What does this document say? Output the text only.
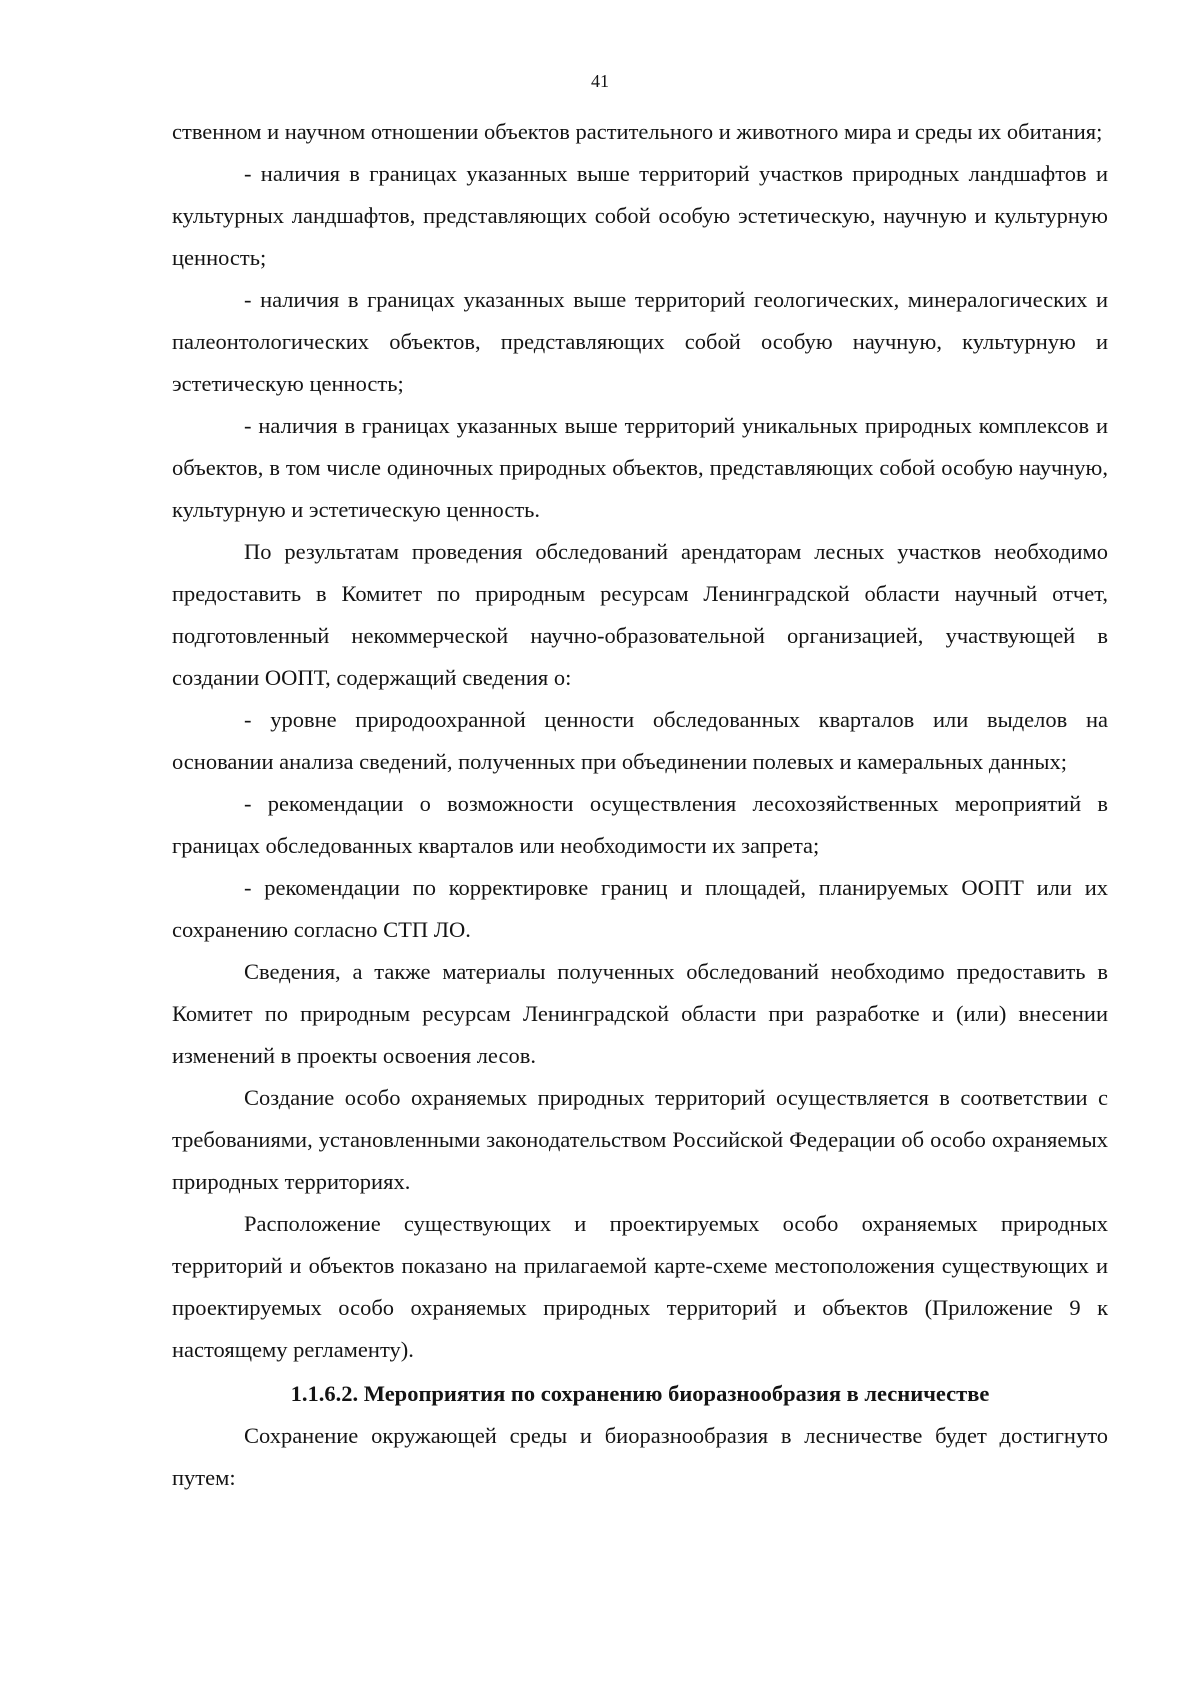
41

ственном и научном отношении объектов растительного и животного мира и среды их обитания;

- наличия в границах указанных выше территорий участков природных ландшафтов и культурных ландшафтов, представляющих собой особую эстетическую, научную и культурную ценность;

- наличия в границах указанных выше территорий геологических, минералогических и палеонтологических объектов, представляющих собой особую научную, культурную и эстетическую ценность;

- наличия в границах указанных выше территорий уникальных природных комплексов и объектов, в том числе одиночных природных объектов, представляющих собой особую научную, культурную и эстетическую ценность.

По результатам проведения обследований арендаторам лесных участков необходимо предоставить в Комитет по природным ресурсам Ленинградской области научный отчет, подготовленный некоммерческой научно-образовательной организацией, участвующей в создании ООПТ, содержащий сведения о:

- уровне природоохранной ценности обследованных кварталов или выделов на основании анализа сведений, полученных при объединении полевых и камеральных данных;

- рекомендации о возможности осуществления лесохозяйственных мероприятий в границах обследованных кварталов или необходимости их запрета;

- рекомендации по корректировке границ и площадей, планируемых ООПТ или их сохранению согласно СТП ЛО.

Сведения, а также материалы полученных обследований необходимо предоставить в Комитет по природным ресурсам Ленинградской области при разработке и (или) внесении изменений в проекты освоения лесов.

Создание особо охраняемых природных территорий осуществляется в соответствии с требованиями, установленными законодательством Российской Федерации об особо охраняемых природных территориях.

Расположение существующих и проектируемых особо охраняемых природных территорий и объектов показано на прилагаемой карте-схеме местоположения существующих и проектируемых особо охраняемых природных территорий и объектов (Приложение 9 к настоящему регламенту).

1.1.6.2. Мероприятия по сохранению биоразнообразия в лесничестве

Сохранение окружающей среды и биоразнообразия в лесничестве будет достигнуто путем:
